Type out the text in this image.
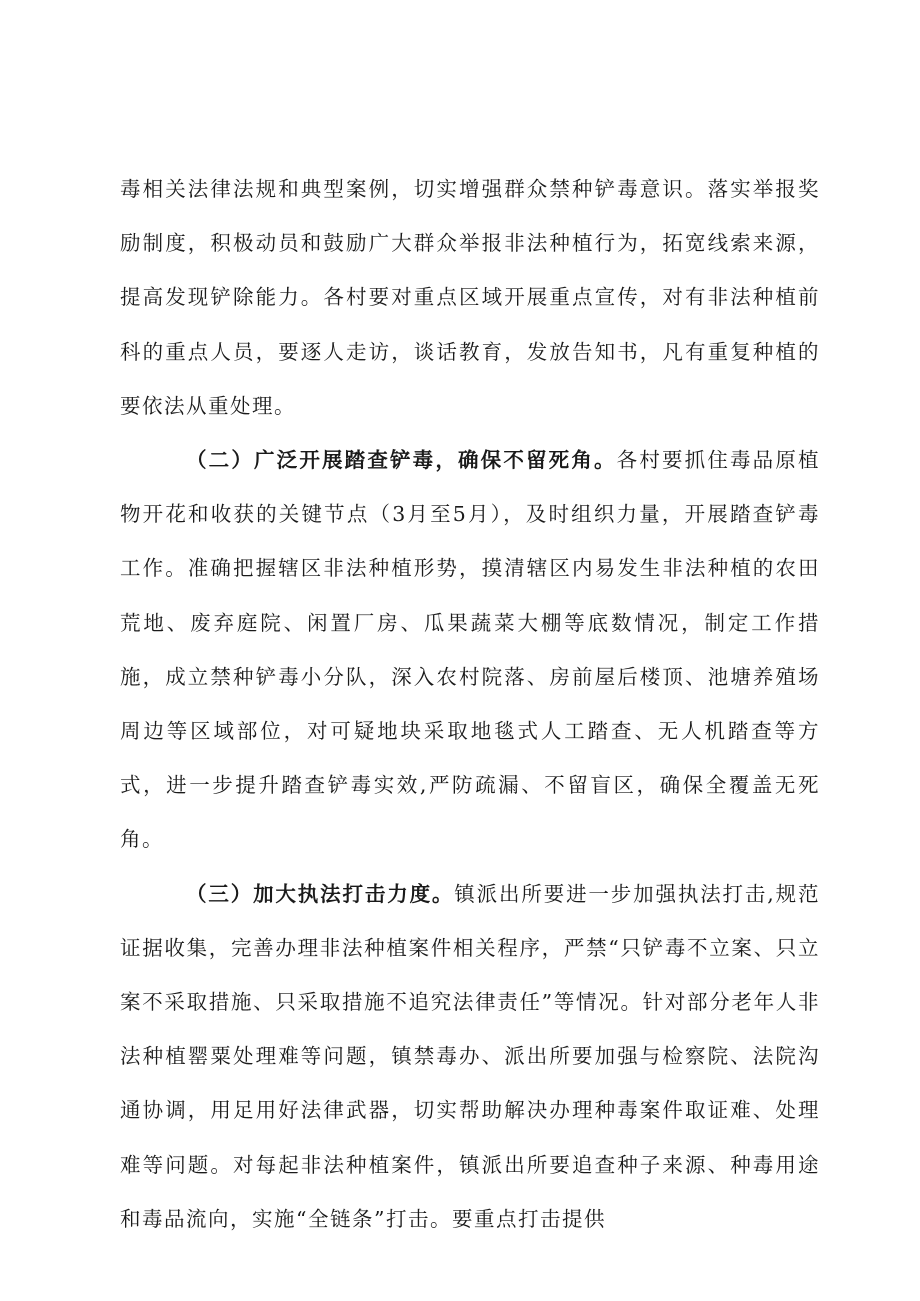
毒相关法律法规和典型案例，切实增强群众禁种铲毒意识。落实举报奖励制度，积极动员和鼓励广大群众举报非法种植行为，拓宽线索来源，提高发现铲除能力。各村要对重点区域开展重点宣传，对有非法种植前科的重点人员，要逐人走访，谈话教育，发放告知书，凡有重复种植的要依法从重处理。

（二）广泛开展踏查铲毒，确保不留死角。各村要抓住毒品原植物开花和收获的关键节点（3月至5月），及时组织力量，开展踏查铲毒工作。准确把握辖区非法种植形势，摸清辖区内易发生非法种植的农田荒地、废弃庭院、闲置厂房、瓜果蔬菜大棚等底数情况，制定工作措施，成立禁种铲毒小分队，深入农村院落、房前屋后楼顶、池塘养殖场周边等区域部位，对可疑地块采取地毯式人工踏查、无人机踏查等方式，进一步提升踏查铲毒实效,严防疏漏、不留盲区，确保全覆盖无死角。

（三）加大执法打击力度。镇派出所要进一步加强执法打击,规范证据收集，完善办理非法种植案件相关程序，严禁“只铲毒不立案、只立案不采取措施、只采取措施不追究法律责任”等情况。针对部分老年人非法种植罂粟处理难等问题，镇禁毒办、派出所要加强与检察院、法院沟通协调，用足用好法律武器，切实帮助解决办理种毒案件取证难、处理难等问题。对每起非法种植案件，镇派出所要追查种子来源、种毒用途和毒品流向，实施“全链条”打击。要重点打击提供
